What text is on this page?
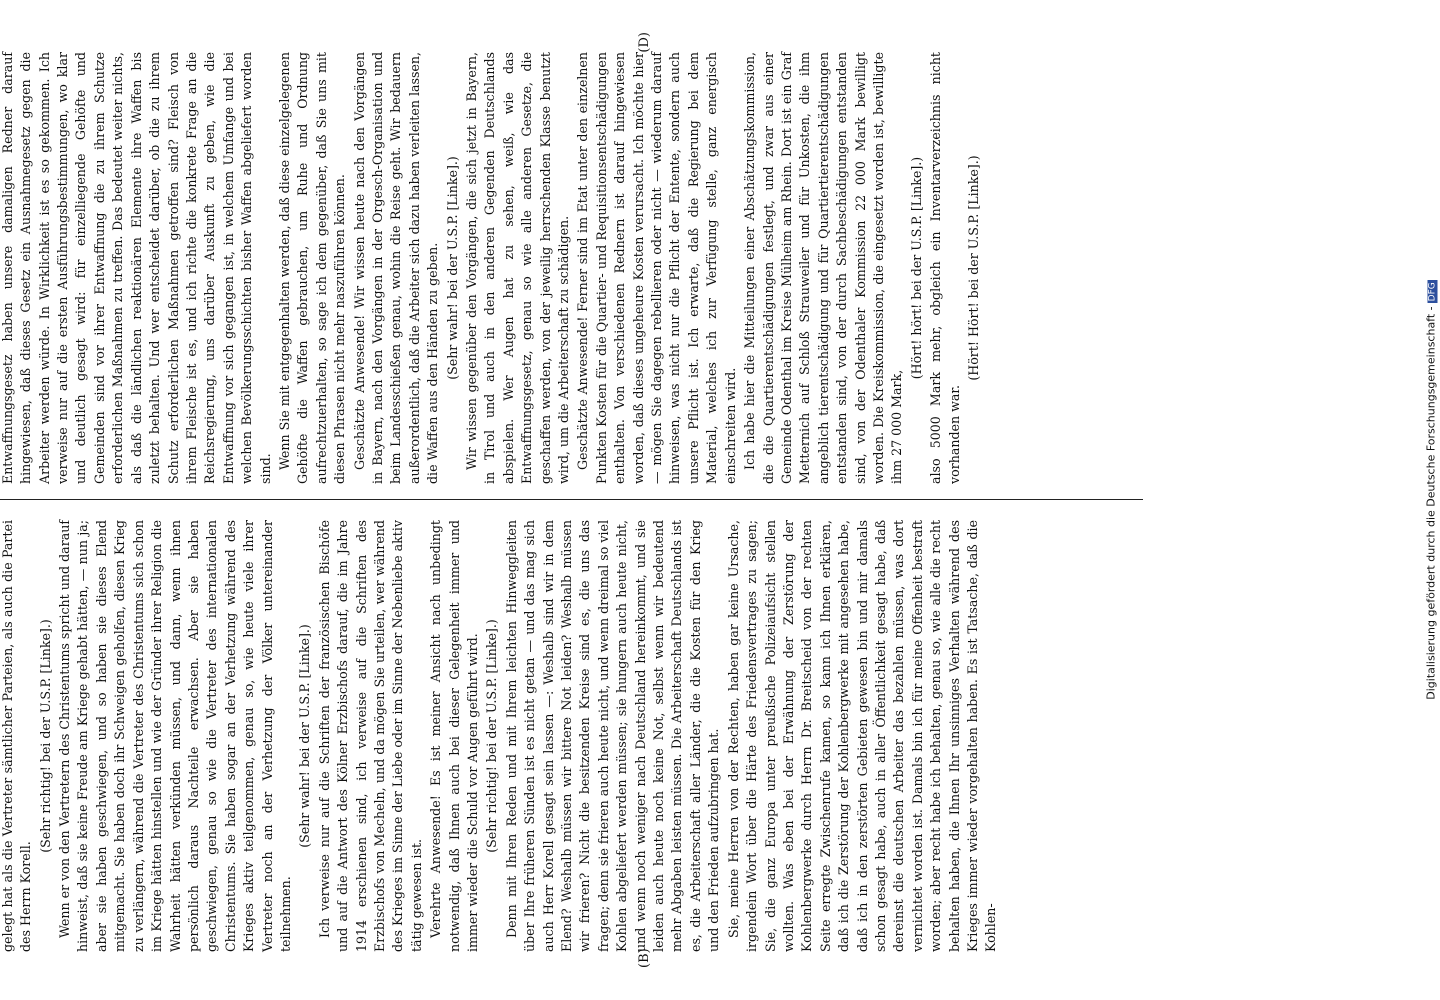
(B)
(D)

gelegt hat als die Vertreter sämtlicher Parteien, als auch die Partei des Herrn Korell.

(Sehr richtig! bei der U.S.P. [Linke].) Wenn er von den Vertretern des Christentums spricht und darauf hinweist, daß sie keine Freude am Kriege gehabt hätten, — nun ja; aber sie haben geschwiegen, und so haben sie dieses Elend mitgemacht. Sie haben doch ihr Schweigen geholfen, diesen Krieg zu verlängern, während die Vertreter des Christentums sich schon im Kriege hätten hinstellen und wie der Gründer ihrer Religion die Wahrheit hätten verkünden müssen, und dann, wenn ihnen persönlich daraus Nachteile erwachsen. Aber sie haben geschwiegen, genau so wie die Vertreter des internationalen Christentums. Sie haben sogar an der Verhetzung während des Krieges aktiv teilgenommen, genau so, wie heute viele ihrer Vertreter noch an der Verhetzung der Völker untereinander teilnehmen.

(Sehr wahr! bei der U.S.P. [Linke].) Ich verweise nur auf die Schriften der französischen Bischöfe und auf die Antwort des Kölner Erzbischofs darauf, die im Jahre 1914 erschienen sind, ich verweise auf die Schriften des Erzbischofs von Mecheln, und da mögen Sie urteilen, wer während des Krieges im Sinne der Liebe oder im Sinne der Nebenliebe aktiv tätig gewesen ist. Verehrte Anwesende! Es ist meiner Ansicht nach unbedingt notwendig, daß Ihnen auch bei dieser Gelegenheit immer und immer wieder die Schuld vor Augen geführt wird. (Sehr richtig! bei der U.S.P. [Linke].) Denn mit Ihren Reden und mit Ihrem leichten Hinweggleiten über Ihre früheren Sünden ist es nicht getan — und das mag sich auch Herr Korell gesagt sein lassen —: Weshalb sind wir in dem Elend? Weshalb müssen wir bittere Not leiden? Weshalb müssen wir frieren? Nicht die besitzenden Kreise sind es, die uns das fragen; denn sie frieren auch heute nicht, und wenn dreimal so viel Kohlen abgeliefert werden müssen; sie hungern auch heute nicht, und wenn noch weniger nach Deutschland hereinkommt, und sie leiden auch heute noch keine Not, selbst wenn wir bedeutend mehr Abgaben leisten müssen. Die Arbeiterschaft Deutschlands ist es, die Arbeiterschaft aller Länder, die die Kosten für den Krieg und den Frieden aufzubringen hat. Sie, meine Herren von der Rechten, haben gar keine Ursache, irgendein Wort über die Härte des Friedensvertrages zu sagen; Sie, die ganz Europa unter preußische Polizeiaufsicht stellen wollten. Was eben bei der Erwähnung der Zerstörung der Kohlenbergwerke durch Herrn Dr. Breitscheid von der rechten Seite erregte Zwischenrufe kamen, so kann ich Ihnen erklären, daß ich die Zerstörung der Kohlenbergwerke mit angesehen habe, daß ich in den zerstörten Gebieten gewesen bin und mir damals schon gesagt habe, auch in aller Öffentlichkeit gesagt habe, daß dereinst die deutschen Arbeiter das bezahlen müssen, was dort vernichtet worden ist. Damals bin ich für meine Offenheit bestraft worden; aber recht habe ich behalten, genau so, wie alle die recht behalten haben, die Ihnen Ihr unsinniges Verhalten während des Krieges immer wieder vorgehalten haben. Es ist Tatsache, daß die Kohlen-

Entwaffnungsgesetz haben unsere damaligen Redner darauf hingewiesen, daß dieses Gesetz ein Ausnahmegesetz gegen die Arbeiter werden würde. In Wirklichkeit ist es so gekommen. Ich verweise nur auf die ersten Ausführungsbestimmungen, wo klar und deutlich gesagt wird: für einzelliegende Gehöfte und Gemeinden sind vor ihrer Entwaffnung die zu ihrem Schutze erforderlichen Maßnahmen zu treffen. Das bedeutet weiter nichts, als daß die ländlichen reaktionären Elemente ihre Waffen bis zuletzt behalten. Und wer entscheidet darüber, ob die zu ihrem Schutz erforderlichen Maßnahmen getroffen sind? Fleisch von ihrem Fleische ist es, und ich richte die konkrete Frage an die Reichsregierung, uns darüber Auskunft zu geben, wie die Entwaffnung vor sich gegangen ist, in welchem Umfange und bei welchen Bevölkerungsschichten bisher Waffen abgeliefert worden sind. Wenn Sie mit entgegenhalten werden, daß diese einzelgelegenen Gehöfte die Waffen gebrauchen, um Ruhe und Ordnung aufrechtzuerhalten, so sage ich dem gegenüber, daß Sie uns mit diesen Phrasen nicht mehr naszuführen können. Geschätzte Anwesende! Wir wissen heute nach den Vorgängen in Bayern, nach den Vorgängen in der Orgesch-Organisation und beim Landesschießen genau, wohin die Reise geht. Wir bedauern außerordentlich, daß die Arbeiter sich dazu haben verleiten lassen, die Waffen aus den Händen zu geben. (Sehr wahr! bei der U.S.P. [Linke].) Wir wissen gegenüber den Vorgängen, die sich jetzt in Bayern, in Tirol und auch in den anderen Gegenden Deutschlands abspielen. Wer Augen hat zu sehen, weiß, wie das Entwaffnungsgesetz, genau so wie alle anderen Gesetze, die geschaffen werden, von der jeweilig herrschenden Klasse benutzt wird, um die Arbeiterschaft zu schädigen. Geschätzte Anwesende! Ferner sind im Etat unter den einzelnen Punkten Kosten für die Quartier- und Requisitionsentschädigungen enthalten. Von verschiedenen Rednern ist darauf hingewiesen worden, daß dieses ungeheure Kosten verursacht. Ich möchte hier — mögen Sie dagegen rebellieren oder nicht — wiederum darauf hinweisen, was nicht nur die Pflicht der Entente, sondern auch unsere Pflicht ist. Ich erwarte, daß die Regierung bei dem Material, welches ich zur Verfügung stelle, ganz energisch einschreiten wird. Ich habe hier die Mitteilungen einer Abschätzungskommission, die die Quartierentschädigungen festlegt, und zwar aus einer Gemeinde Odenthal im Kreise Mülheim am Rhein. Dort ist ein Graf Metternich auf Schloß Strauweiler und für Unkosten, die ihm angeblich tierentschädigung und für Quartiertierentschädigungen entstanden sind, von der durch Sachbeschädigungen entstanden sind, von der Odenthaler Kommission 22 000 Mark bewilligt worden. Die Kreiskommission, die eingesetzt worden ist, bewilligte ihm 27 000 Mark,

(Hört! hört! bei der U.S.P. [Linke].) also 5000 Mark mehr, obgleich ein Inventarverzeichnis nicht vorhanden war.

(Hört! Hört! bei der U.S.P. [Linke].)

Digitalisierung gefördert durch die Deutsche Forschungsgemeinschaft -DFG
